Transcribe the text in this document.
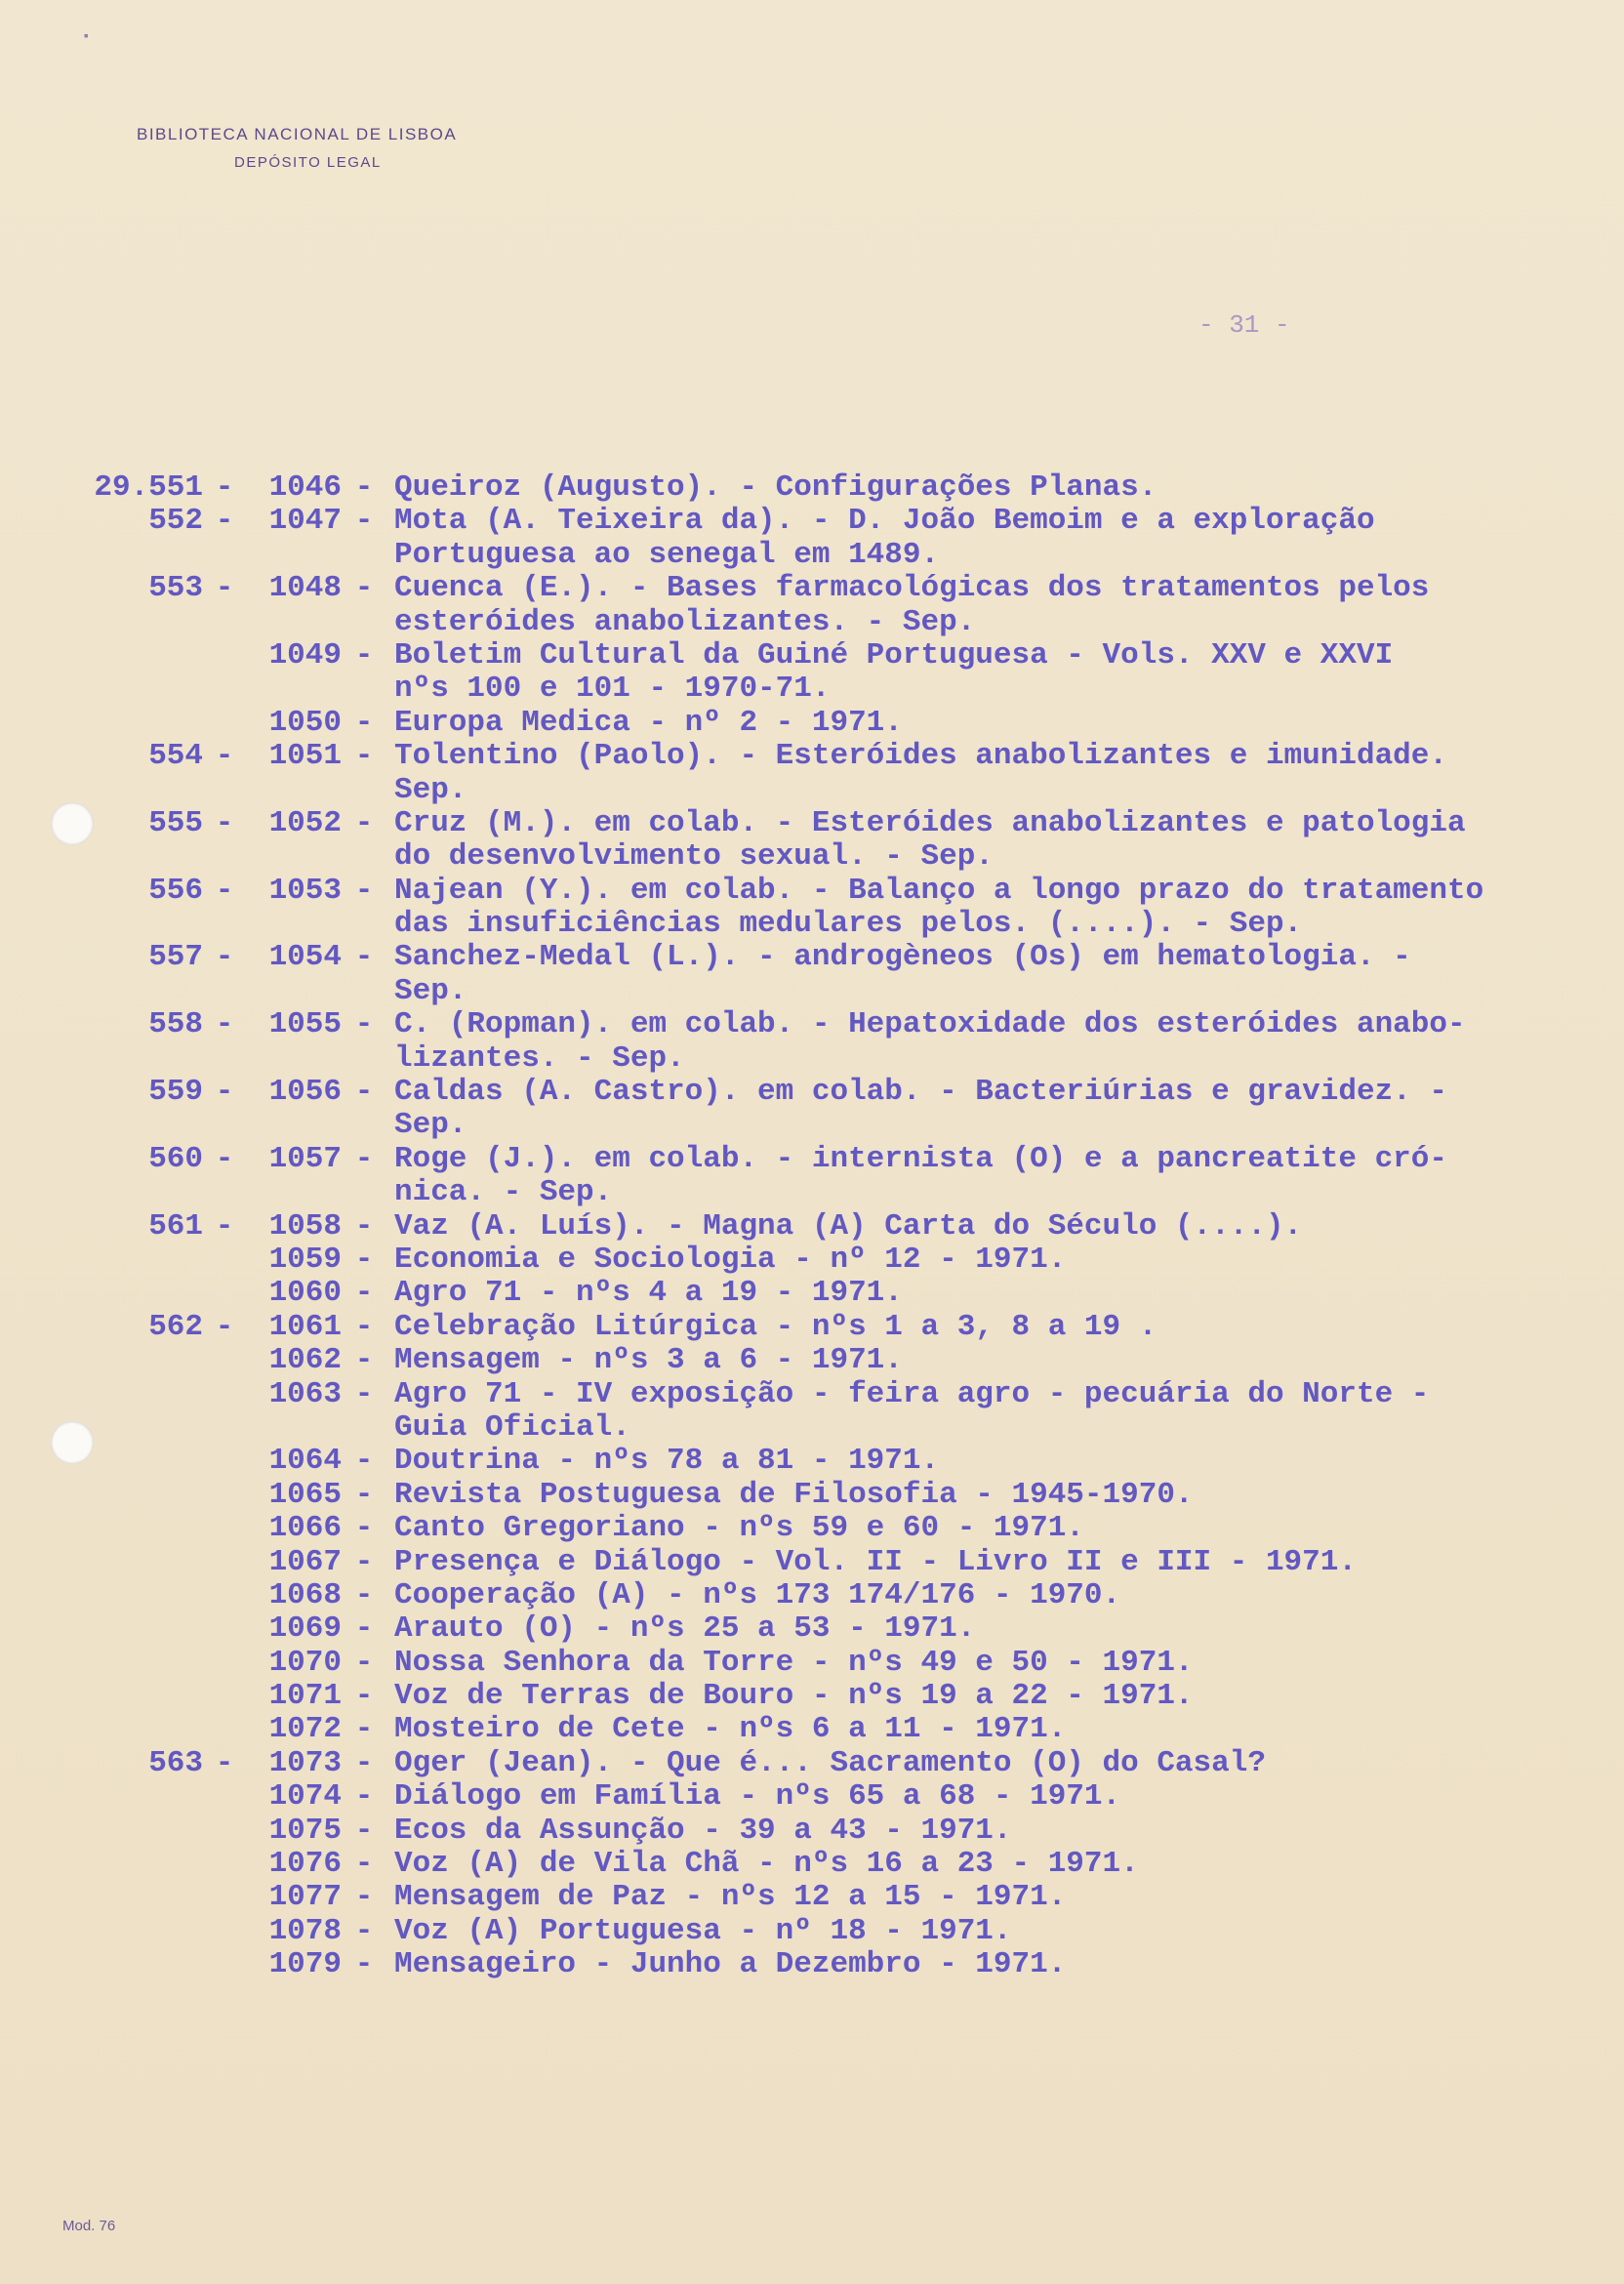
BIBLIOTECA NACIONAL DE LISBOA
DEPÓSITO LEGAL
▪
- 31 -
29.551 -	1046 - Queiroz (Augusto). - Configurações Planas.
552 -	1047 - Mota (A. Teixeira da). - D. João Bemoim e a exploração
Portuguesa ao senegal em 1489.
553 -	1048 - Cuenca (E.). - Bases farmacológicas dos tratamentos pelos
esteróides anabolizantes. - Sep.
1049 - Boletim Cultural da Guiné Portuguesa - Vols. XXV e XXVI
nºs 100 e 101 - 1970-71.
1050 - Europa Medica - nº 2 - 1971.
554 -	1051 - Tolentino (Paolo). - Esteróides anabolizantes e imunidade.
Sep.
555 -	1052 - Cruz (M.). em colab. - Esteróides anabolizantes e patologia
do desenvolvimento sexual. - Sep.
556 -	1053 - Najean (Y.). em colab. - Balanço a longo prazo do tratamento
das insuficiências medulares pelos. (....). - Sep.
557 -	1054 - Sanchez-Medal (L.). - androgèneos (Os) em hematologia. -
Sep.
558 -	1055 - C. (Ropman). em colab. - Hepatoxidade dos esteróides anabo-
lizantes. - Sep.
559 -	1056 - Caldas (A. Castro). em colab. - Bacteriúrias e gravidez. -
Sep.
560 -	1057 - Roge (J.). em colab. - internista (O) e a pancreatite cró-
nica. - Sep.
561 -	1058 - Vaz (A. Luís). - Magna (A) Carta do Século (....).
1059 - Economia e Sociologia - nº 12 - 1971.
1060 - Agro 71 - nºs 4 a 19 - 1971.
562 -	1061 - Celebração Litúrgica - nºs 1 a 3, 8 a 19 .
1062 - Mensagem - nºs 3 a 6 - 1971.
1063 - Agro 71 - IV exposição - feira agro - pecuária do Norte -
Guia Oficial.
1064 - Doutrina - nºs 78 a 81 - 1971.
1065 - Revista Postuguesa de Filosofia - 1945-1970.
1066 - Canto Gregoriano - nºs 59 e 60 - 1971.
1067 - Presença e Diálogo - Vol. II - Livro II e III - 1971.
1068 - Cooperação (A) - nºs 173 174/176 - 1970.
1069 - Arauto (O) - nºs 25 a 53 - 1971.
1070 - Nossa Senhora da Torre - nºs 49 e 50 - 1971.
1071 - Voz de Terras de Bouro - nºs 19 a 22 - 1971.
1072 - Mosteiro de Cete - nºs 6 a 11 - 1971.
563 -	1073 - Oger (Jean). - Que é... Sacramento (O) do Casal?
1074 - Diálogo em Família - nºs 65 a 68 - 1971.
1075 - Ecos da Assunção - 39 a 43 - 1971.
1076 - Voz (A) de Vila Chã - nºs 16 a 23 - 1971.
1077 - Mensagem de Paz - nºs 12 a 15 - 1971.
1078 - Voz (A) Portuguesa - nº 18 - 1971.
1079 - Mensageiro - Junho a Dezembro - 1971.
Mod. 76
